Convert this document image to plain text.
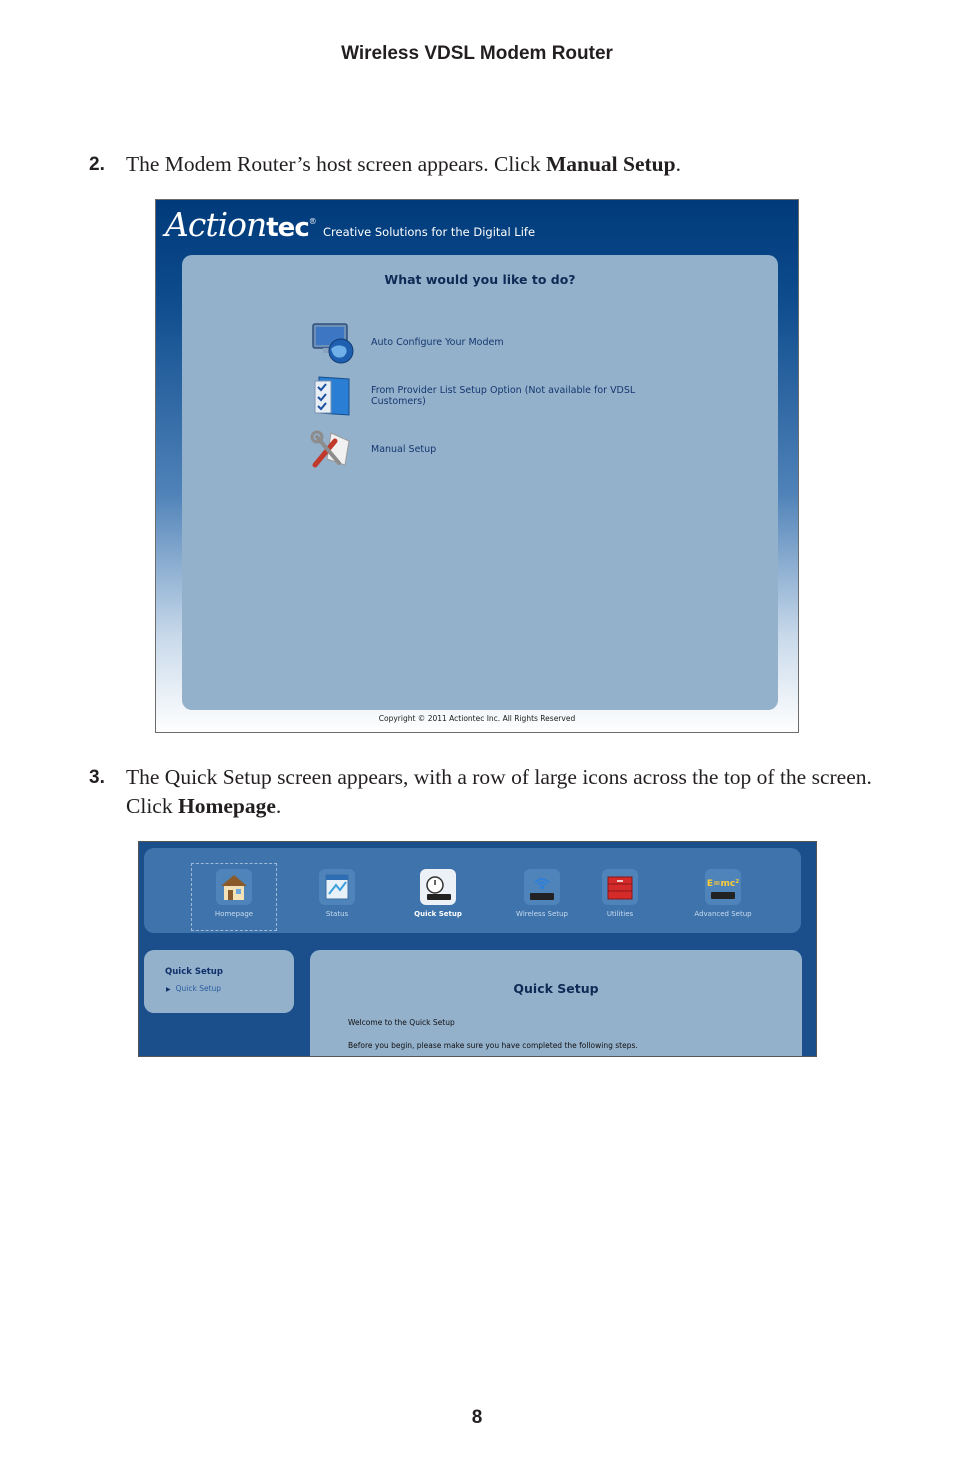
Wireless VDSL Modem Router
2. The Modem Router’s host screen appears. Click Manual Setup.
Actiontec®
Creative Solutions for the Digital Life
What would you like to do?
Auto Configure Your Modem
From Provider List Setup Option (Not available for VDSL Customers)
Manual Setup
Copyright © 2011 Actiontec Inc. All Rights Reserved
3. The Quick Setup screen appears, with a row of large icons across the top of the screen. Click Homepage.
Homepage	Status	Quick Setup	Wireless Setup	Utilities
E=mc²
Advanced Setup
Quick Setup
▶ Quick Setup	Quick Setup
Welcome to the Quick Setup
Before you begin, please make sure you have completed the following steps.
8
